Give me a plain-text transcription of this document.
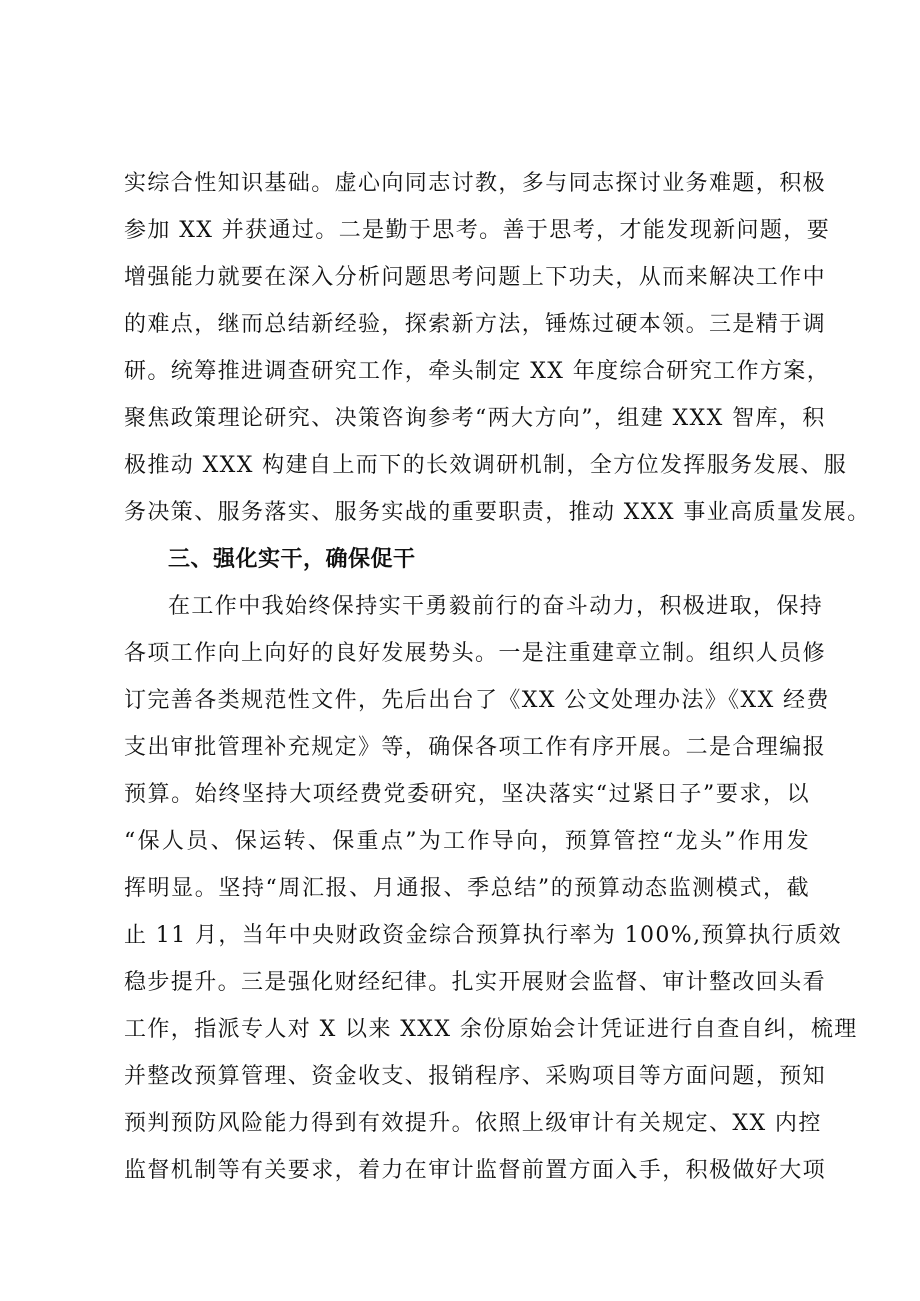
实综合性知识基础。虚心向同志讨教，多与同志探讨业务难题，积极
参加 XX 并获通过。二是勤于思考。善于思考，才能发现新问题，要
增强能力就要在深入分析问题思考问题上下功夫，从而来解决工作中
的难点，继而总结新经验，探索新方法，锤炼过硬本领。三是精于调
研。统筹推进调查研究工作，牵头制定 XX 年度综合研究工作方案，
聚焦政策理论研究、决策咨询参考“两大方向”，组建 XXX 智库，积
极推动 XXX 构建自上而下的长效调研机制，全方位发挥服务发展、服
务决策、服务落实、服务实战的重要职责，推动 XXX 事业高质量发展。
三、强化实干，确保促干
在工作中我始终保持实干勇毅前行的奋斗动力，积极进取，保持
各项工作向上向好的良好发展势头。一是注重建章立制。组织人员修
订完善各类规范性文件，先后出台了《XX 公文处理办法》《XX 经费
支出审批管理补充规定》等，确保各项工作有序开展。二是合理编报
预算。始终坚持大项经费党委研究，坚决落实“过紧日子”要求，以
“保人员、保运转、保重点”为工作导向，预算管控“龙头”作用发
挥明显。坚持“周汇报、月通报、季总结”的预算动态监测模式，截
止 11 月，当年中央财政资金综合预算执行率为 100%,预算执行质效
稳步提升。三是强化财经纪律。扎实开展财会监督、审计整改回头看
工作，指派专人对 X 以来 XXX 余份原始会计凭证进行自查自纠，梳理
并整改预算管理、资金收支、报销程序、采购项目等方面问题，预知
预判预防风险能力得到有效提升。依照上级审计有关规定、XX 内控
监督机制等有关要求，着力在审计监督前置方面入手，积极做好大项
